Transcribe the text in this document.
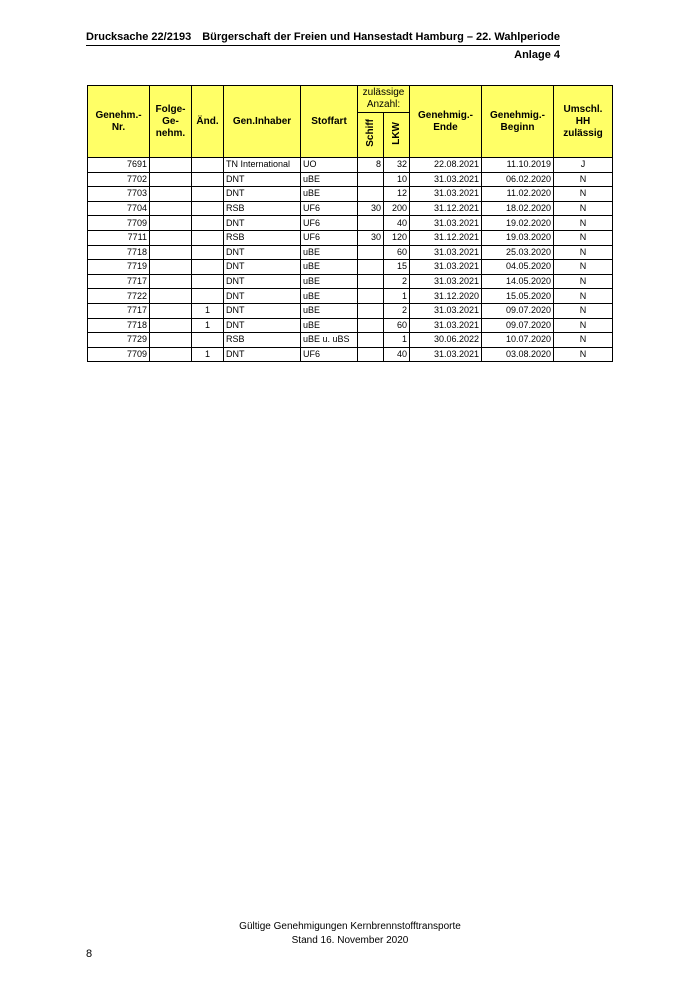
Drucksache 22/2193 Bürgerschaft der Freien und Hansestadt Hamburg – 22. Wahlperiode
Anlage 4
Genehm.- Nr.	Folge- Ge- nehm.	Änd.	Gen.Inhaber	Stoffart	zulässige Anzahl:		Genehmig.- Ende	Genehmig.- Beginn	Umschl. HH zulässig
					Schiff	LKW			
7691			TN International	UO	8	32	22.08.2021	11.10.2019	J
7702			DNT	uBE		10	31.03.2021	06.02.2020	N
7703			DNT	uBE		12	31.03.2021	11.02.2020	N
7704			RSB	UF6	30	200	31.12.2021	18.02.2020	N
7709			DNT	UF6		40	31.03.2021	19.02.2020	N
7711			RSB	UF6	30	120	31.12.2021	19.03.2020	N
7718			DNT	uBE		60	31.03.2021	25.03.2020	N
7719			DNT	uBE		15	31.03.2021	04.05.2020	N
7717			DNT	uBE		2	31.03.2021	14.05.2020	N
7722			DNT	uBE		1	31.12.2020	15.05.2020	N
7717		1	DNT	uBE		2	31.03.2021	09.07.2020	N
7718		1	DNT	uBE		60	31.03.2021	09.07.2020	N
7729			RSB	uBE u. uBS		1	30.06.2022	10.07.2020	N
7709		1	DNT	UF6		40	31.03.2021	03.08.2020	N
Gültige Genehmigungen Kernbrennstofftransporte
Stand 16. November 2020
8
